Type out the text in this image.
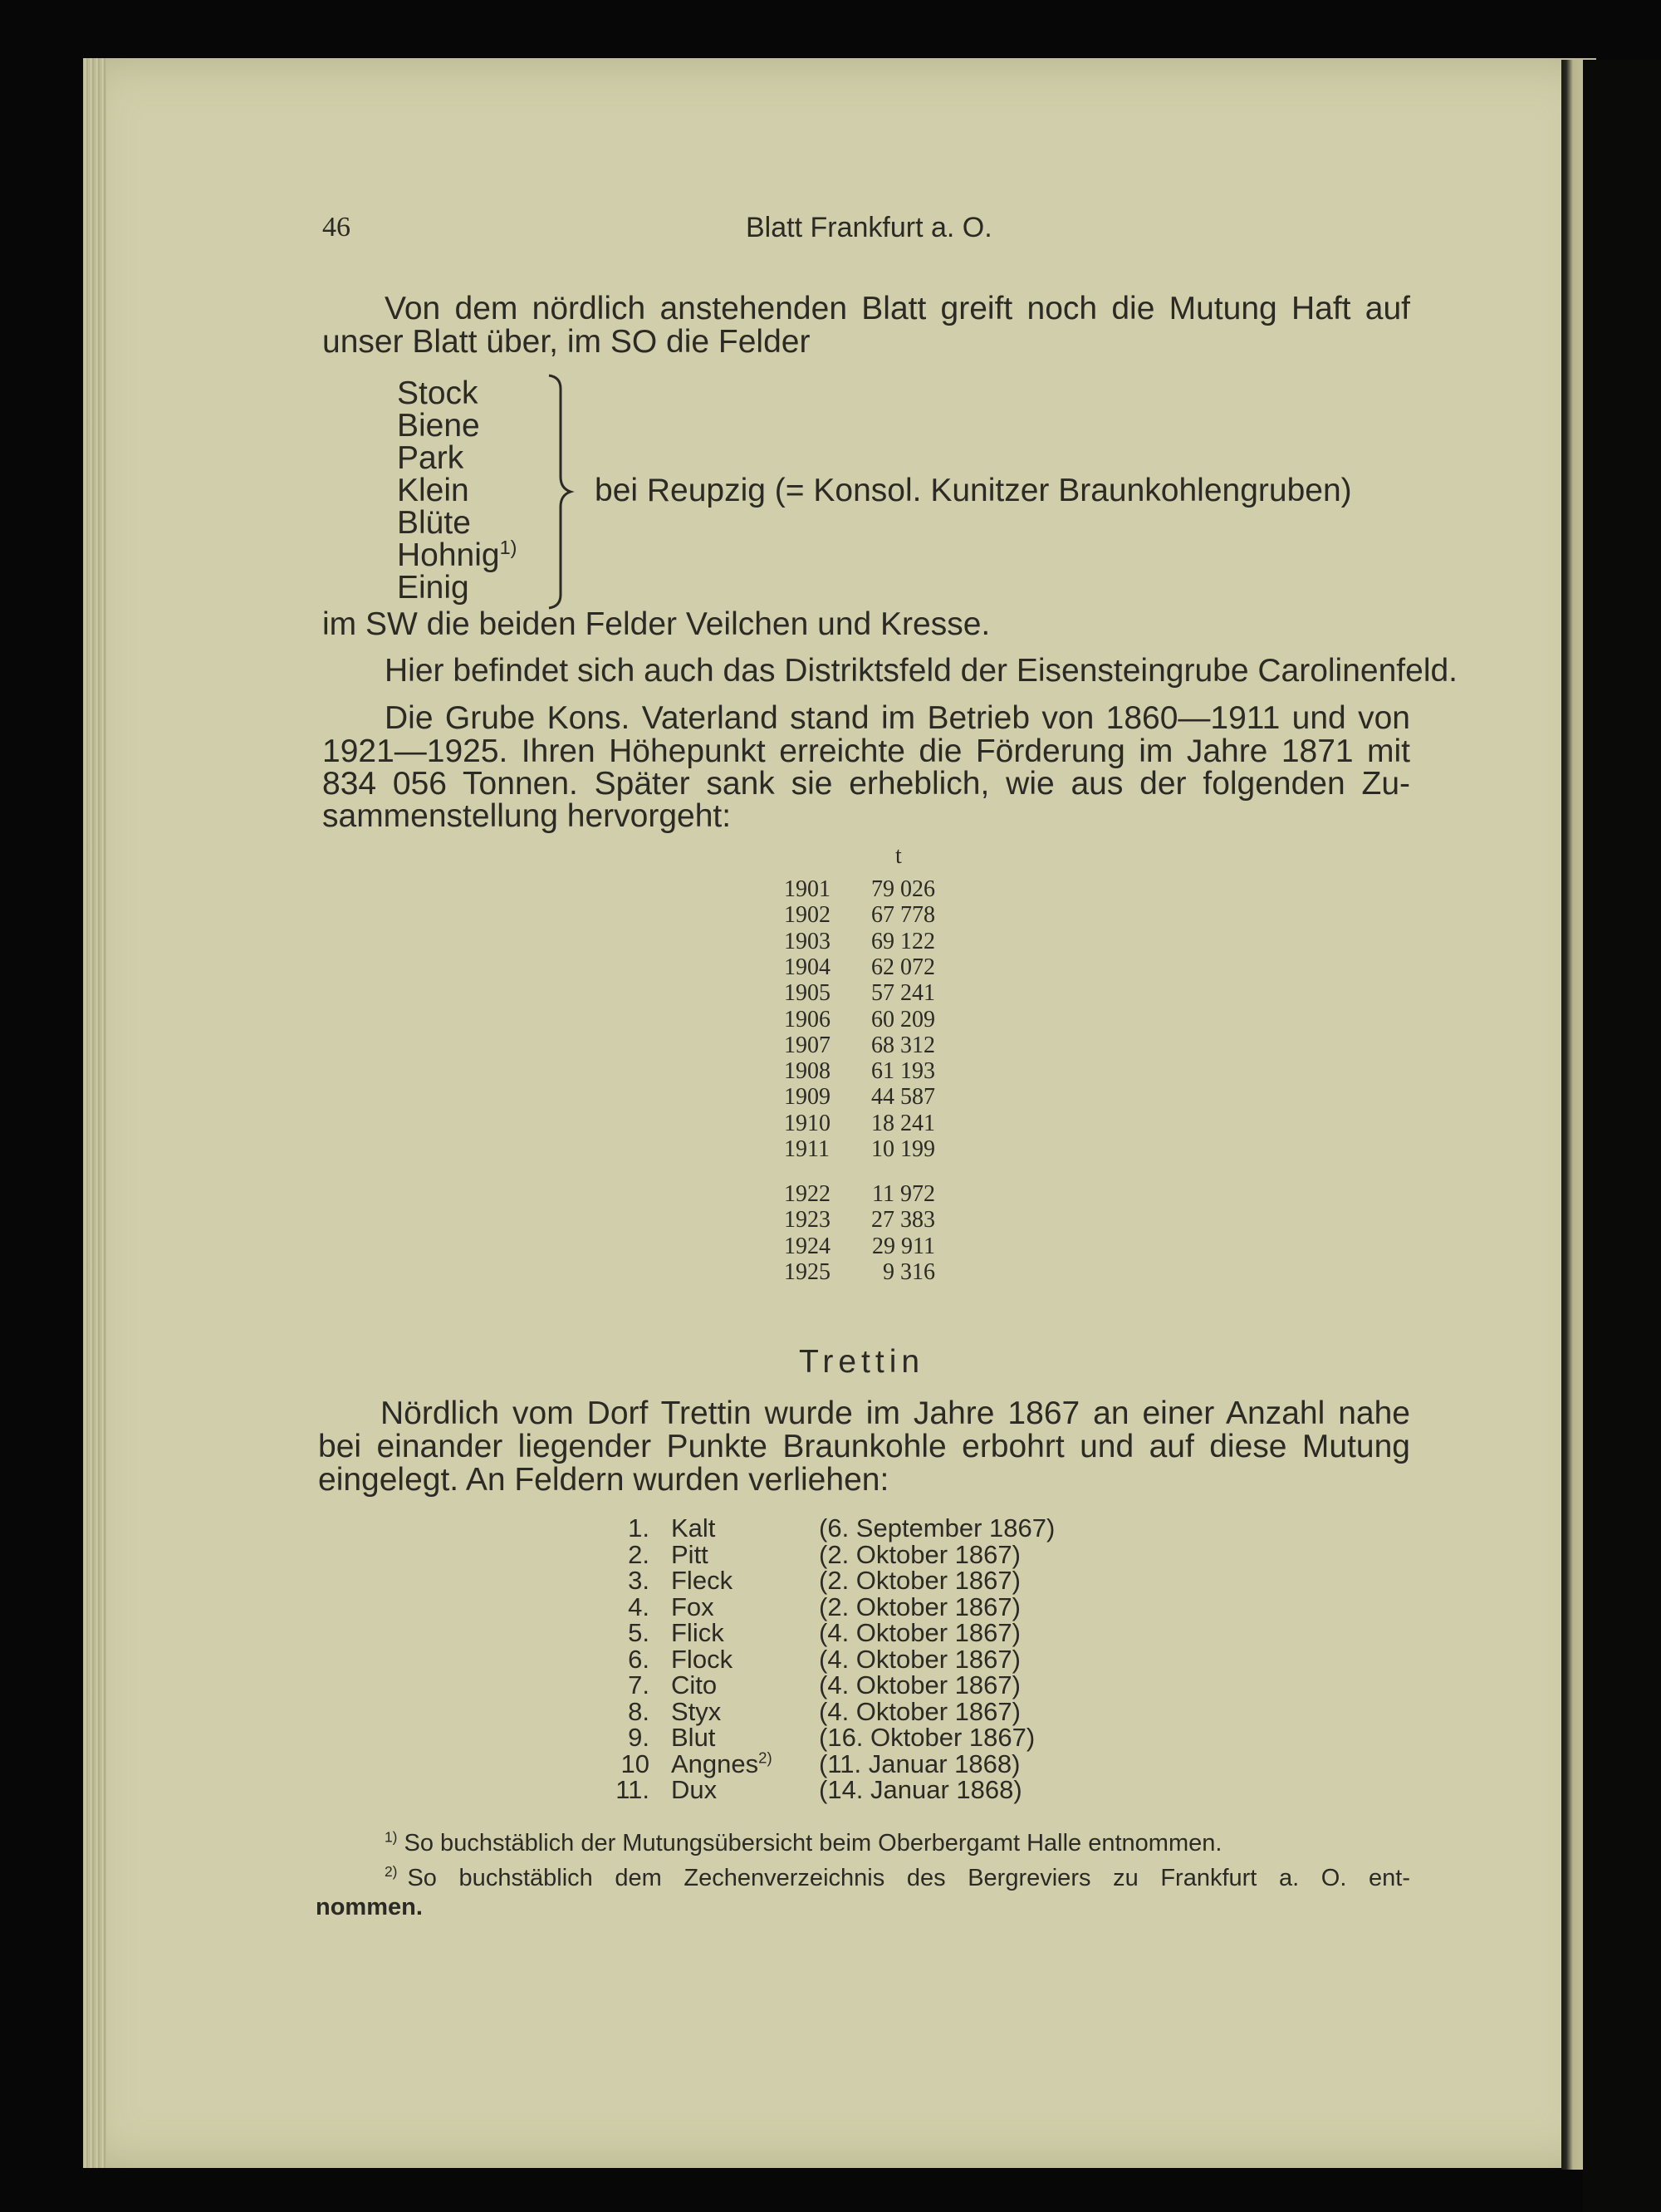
46	Blatt Frankfurt a. O.
Von dem nördlich anstehenden Blatt greift noch die Mutung Haft auf
unser Blatt über, im SO die Felder
Stock
Biene
Park
Klein
Blüte
Hohnig$^{1)}$
Einig
bei Reupzig (= Konsol. Kunitzer Braunkohlengruben)
im SW die beiden Felder Veilchen und Kresse.
Hier befindet sich auch das Distriktsfeld der Eisensteingrube Carolinenfeld.
Die Grube Kons. Vaterland stand im Betrieb von 1860—1911 und von
1921—1925. Ihren Höhepunkt erreichte die Förderung im Jahre 1871 mit
834 056 Tonnen. Später sank sie erheblich, wie aus der folgenden Zu-
sammenstellung hervorgeht:
t
1901	79 026
1902	67 778
1903	69 122
1904	62 072
1905	57 241
1906	60 209
1907	68 312
1908	61 193
1909	44 587
1910	18 241
1911	10 199
1922	11 972
1923	27 383
1924	29 911
1925	9 316
Trettin
Nördlich vom Dorf Trettin wurde im Jahre 1867 an einer Anzahl nahe
bei einander liegender Punkte Braunkohle erbohrt und auf diese Mutung
eingelegt. An Feldern wurden verliehen:
1. Kalt	(6. September 1867)
2. Pitt	(2. Oktober 1867)
3. Fleck	(2. Oktober 1867)
4. Fox	(2. Oktober 1867)
5. Flick	(4. Oktober 1867)
6. Flock	(4. Oktober 1867)
7. Cito	(4. Oktober 1867)
8. Styx	(4. Oktober 1867)
9. Blut	(16. Oktober 1867)
10 Angnes$^{2)}$ (11. Januar 1868)
11. Dux	(14. Januar 1868)
$^{1)}$ So buchstäblich der Mutungsübersicht beim Oberbergamt Halle entnommen.
2) So buchstäblich dem Zechenverzeichnis des Bergreviers zu Frankfurt a. O. ent-
nommen.
